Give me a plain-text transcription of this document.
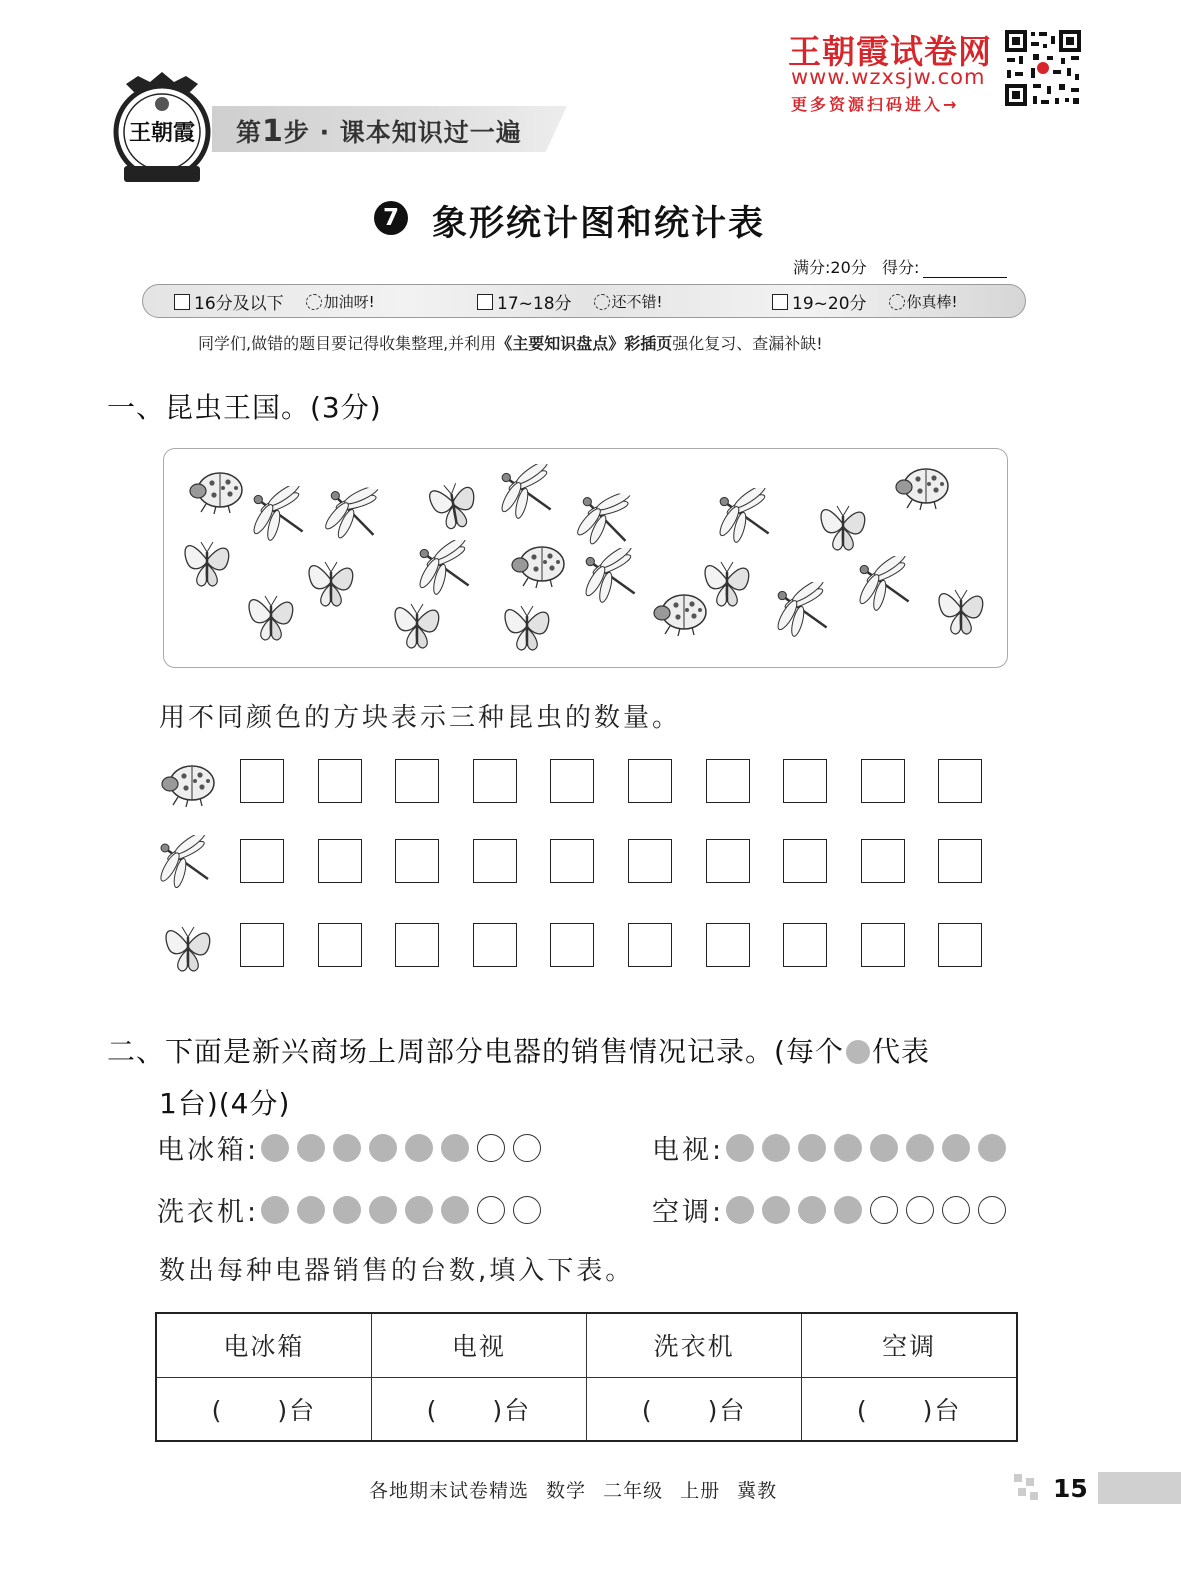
王朝霞 第1步 · 课本知识过一遍
王朝霞试卷网
www.wzxsjw.com
更多资源扫码进入→
7 象形统计图和统计表
满分:20分 得分:
16分及以下	加油呀!	17~18分	还不错!	19~20分	你真棒!
同学们,做错的题目要记得收集整理,并利用《主要知识盘点》彩插页强化复习、查漏补缺!
一、昆虫王国。(3分)
用不同颜色的方块表示三种昆虫的数量。
二、下面是新兴商场上周部分电器的销售情况记录。(每个 代表
1台)(4分)
电冰箱:	电视:
洗衣机:	空调:
数出每种电器销售的台数,填入下表。
电冰箱	电视	洗衣机	空调
(　　)台	(　　)台	(　　)台	(　　)台
各地期末试卷精选 数学 二年级 上册 冀教	15
